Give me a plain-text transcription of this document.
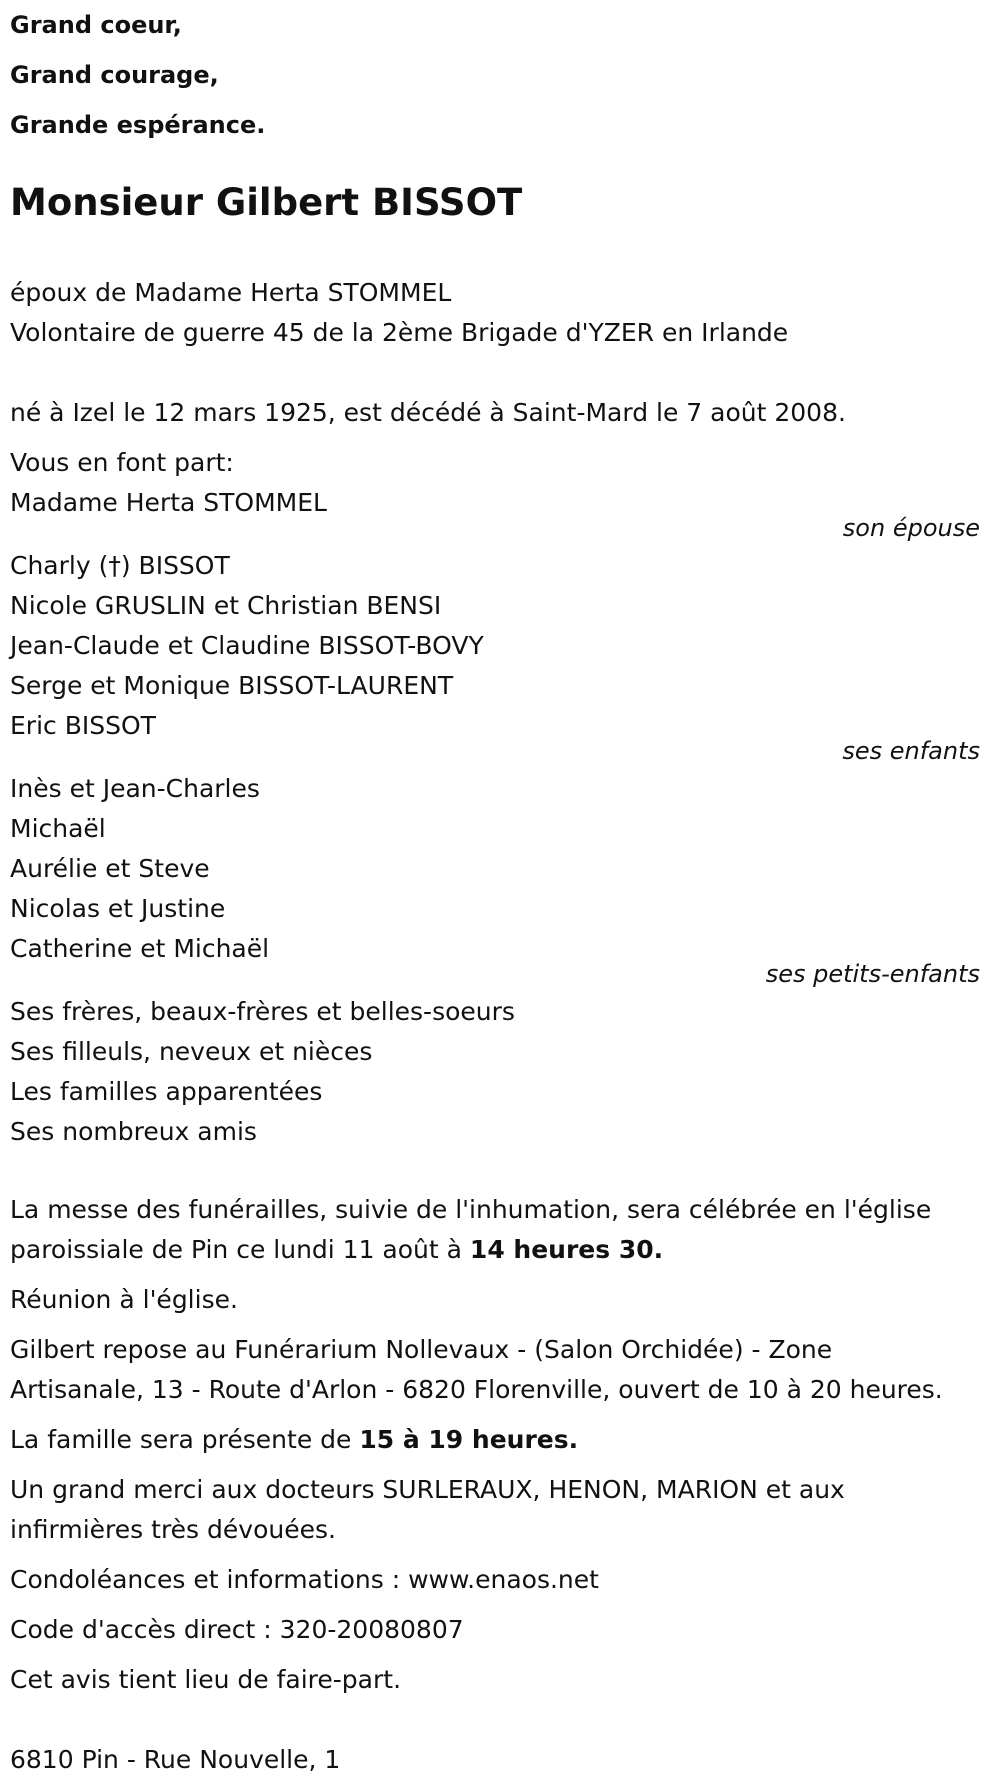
Grand coeur,
Grand courage,
Grande espérance.
Monsieur Gilbert BISSOT
époux de Madame Herta STOMMEL
Volontaire de guerre 45 de la 2ème Brigade d'YZER en Irlande
né à Izel le 12 mars 1925, est décédé à Saint-Mard le 7 août 2008.
Vous en font part:
Madame Herta STOMMEL
son épouse
Charly (†) BISSOT
Nicole GRUSLIN et Christian BENSI
Jean-Claude et Claudine BISSOT-BOVY
Serge et Monique BISSOT-LAURENT
Eric BISSOT
ses enfants
Inès et Jean-Charles
Michaël
Aurélie et Steve
Nicolas et Justine
Catherine et Michaël
ses petits-enfants
Ses frères, beaux-frères et belles-soeurs
Ses filleuls, neveux et nièces
Les familles apparentées
Ses nombreux amis
La messe des funérailles, suivie de l'inhumation, sera célébrée en l'église
paroissiale de Pin ce lundi 11 août à 14 heures 30.
Réunion à l'église.
Gilbert repose au Funérarium Nollevaux - (Salon Orchidée) - Zone
Artisanale, 13 - Route d'Arlon - 6820 Florenville, ouvert de 10 à 20 heures.
La famille sera présente de 15 à 19 heures.
Un grand merci aux docteurs SURLERAUX, HENON, MARION et aux
infirmières très dévouées.
Condoléances et informations : www.enaos.net
Code d'accès direct : 320-20080807
Cet avis tient lieu de faire-part.
6810 Pin - Rue Nouvelle, 1
